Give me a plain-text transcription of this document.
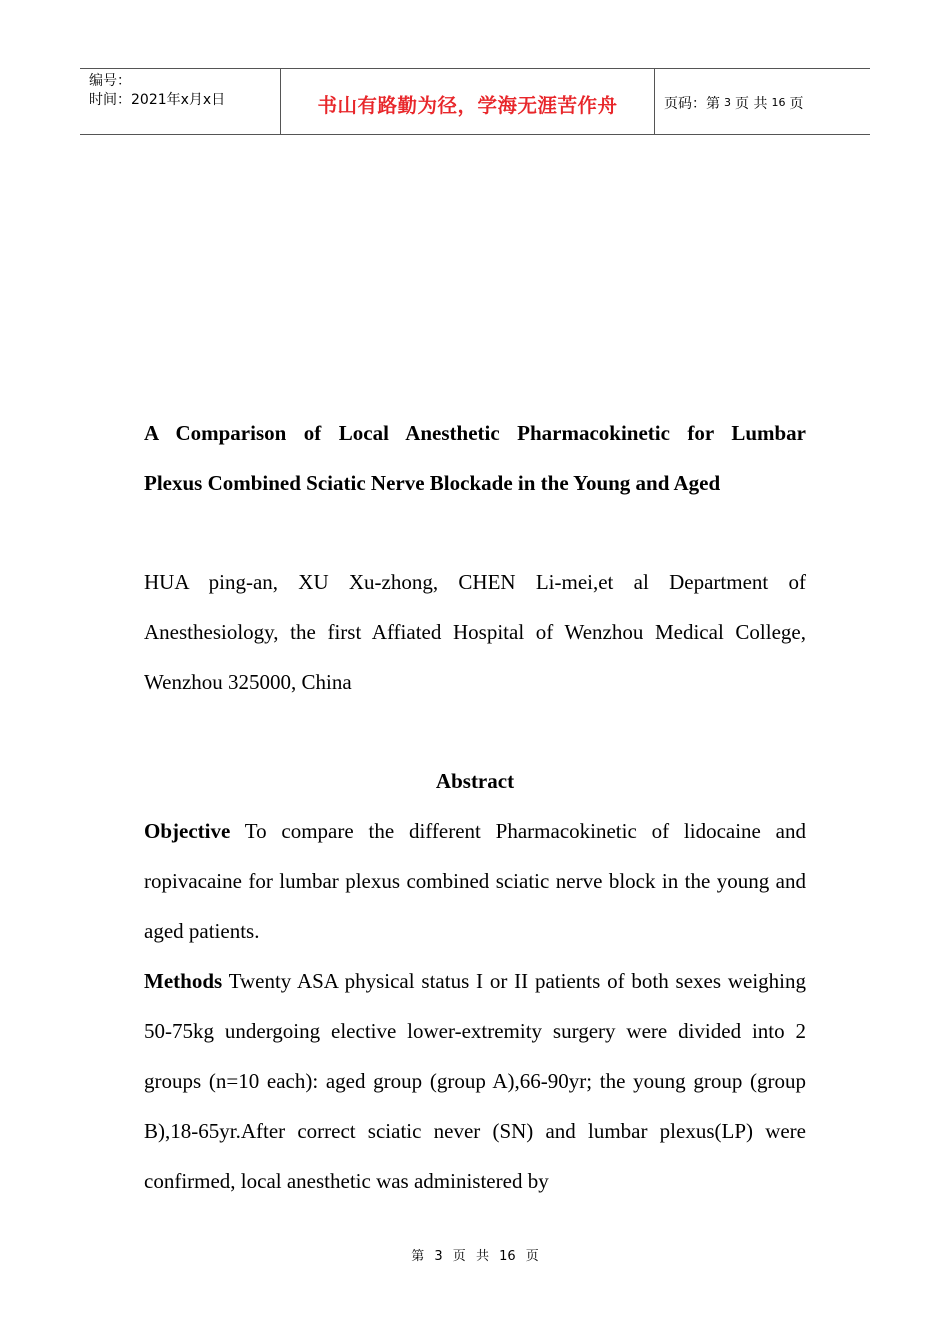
编号：
时间：2021年x月x日	书山有路勤为径，学海无涯苦作舟	页码：第 3 页 共 16 页
A Comparison of Local Anesthetic Pharmacokinetic for Lumbar
Plexus Combined Sciatic Nerve Blockade in the Young and Aged
HUA ping-an, XU Xu-zhong, CHEN Li-mei,et al Department of Anesthesiology, the first Affiated Hospital of Wenzhou Medical College, Wenzhou 325000, China
Abstract

Objective To compare the different Pharmacokinetic of lidocaine and ropivacaine for lumbar plexus combined sciatic nerve block in the young and aged patients.

Methods Twenty ASA physical status I or II patients of both sexes weighing 50-75kg undergoing elective lower-extremity surgery were divided into 2 groups (n=10 each): aged group (group A),66-90yr; the young group (group B),18-65yr.After correct sciatic never (SN) and lumbar plexus(LP) were confirmed, local anesthetic was administered by

第 3 页 共 16 页
